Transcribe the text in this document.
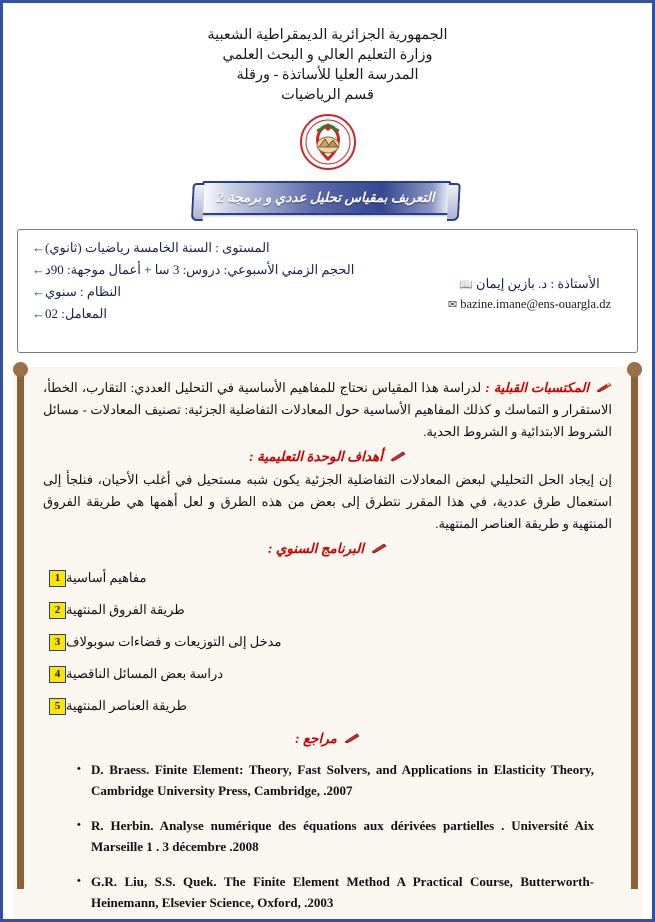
الجمهورية الجزائرية الديمقراطية الشعبية
وزارة التعليم العالي و البحث العلمي
المدرسة العليا للأساتذة - ورقلة
قسم الرياضيات
التعريف بمقياس تحليل عددي و برمجة 2
المستوى : السنة الخامسة رياضيات (ثانوي)
←
الأستاذة : د. بازين إيمان 📖
✉ bazine.imane@ens-ouargla.dz
الحجم الزمني الأسبوعي: دروس: 3 سا + أعمال موجهة: 90د
←
النظام : سنوي
←
المعامل: 02
←

المكتسبات القبلية : لدراسة هذا المقياس نحتاج للمفاهيم الأساسية في التحليل العددي: التقارب، الخطأ، الاستقرار و التماسك و كذلك المفاهيم الأساسية حول المعادلات التفاضلية الجزئية: تصنيف المعادلات - مسائل الشروط الابتدائية و الشروط الحدية.

أهداف الوحدة التعليمية :

إن إيجاد الحل التحليلي لبعض المعادلات التفاضلية الجزئية يكون شبه مستحيل في أغلب الأحيان، فنلجأ إلى استعمال طرق عددية، في هذا المقرر نتطرق إلى بعض من هذه الطرق و لعل أهمها هي طريقة الفروق المنتهية و طريقة العناصر المنتهية.

البرنامج السنوي :
مفاهيم أساسية
1
طريقة الفروق المنتهية
2
مدخل إلى التوزيعات و فضاءات سوبولاف
3
دراسة بعض المسائل الناقصية
4
طريقة العناصر المنتهية
5
مراجع :
• D. Braess. Finite Element: Theory, Fast Solvers, and Applications in Elasticity Theory, Cambridge University Press, Cambridge, .2007
• R. Herbin. Analyse numérique des équations aux dérivées partielles . Université Aix Marseille 1 . 3 décembre .2008
• G.R. Liu, S.S. Quek. The Finite Element Method A Practical Course, Butterworth-Heinemann, Elsevier Science, Oxford, .2003
